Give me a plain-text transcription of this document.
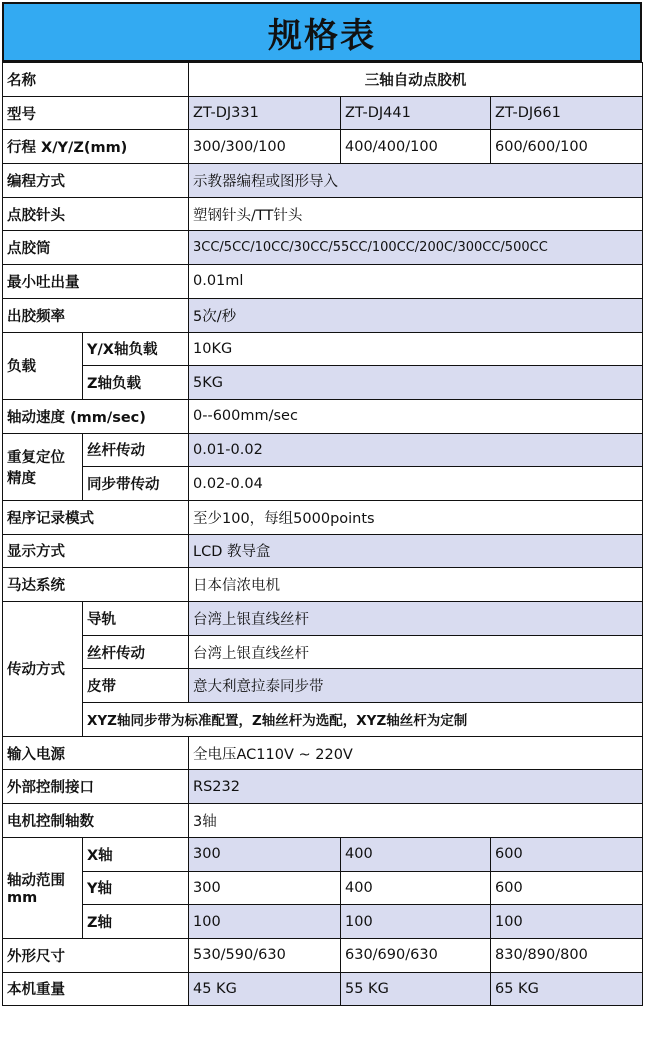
规格表
名称		三轴自动点胶机		
型号		ZT-DJ331	ZT-DJ441	ZT-DJ661
行程 X/Y/Z(mm)		300/300/100	400/400/100	600/600/100
编程方式		示教器编程或图形导入		
点胶针头		塑钢针头/TT针头		
点胶筒		3CC/5CC/10CC/30CC/55CC/100CC/200C/300CC/500CC		
最小吐出量		0.01ml		
出胶频率		5次/秒		
负载	Y/X轴负载	10KG		
	Z轴负载	5KG		
轴动速度 (mm/sec)		0--600mm/sec		

重复定位
精度	丝杆传动	0.01-0.02		
	同步带传动	0.02-0.04		
程序记录模式		至少100，每组5000points		
显示方式		LCD 教导盒		
马达系统		日本信浓电机		
传动方式	导轨	台湾上银直线丝杆		
	丝杆传动	台湾上银直线丝杆		
	皮带	意大利意拉泰同步带		
	XYZ轴同步带为标准配置，Z轴丝杆为选配，XYZ轴丝杆为定制			
输入电源		全电压AC110V ~ 220V		
外部控制接口		RS232		
电机控制轴数		3轴		

轴动范围
mm	X轴	300	400	600
	Y轴	300	400	600
	Z轴	100	100	100
外形尺寸		530/590/630	630/690/630	830/890/800
本机重量		45 KG	55 KG	65 KG
